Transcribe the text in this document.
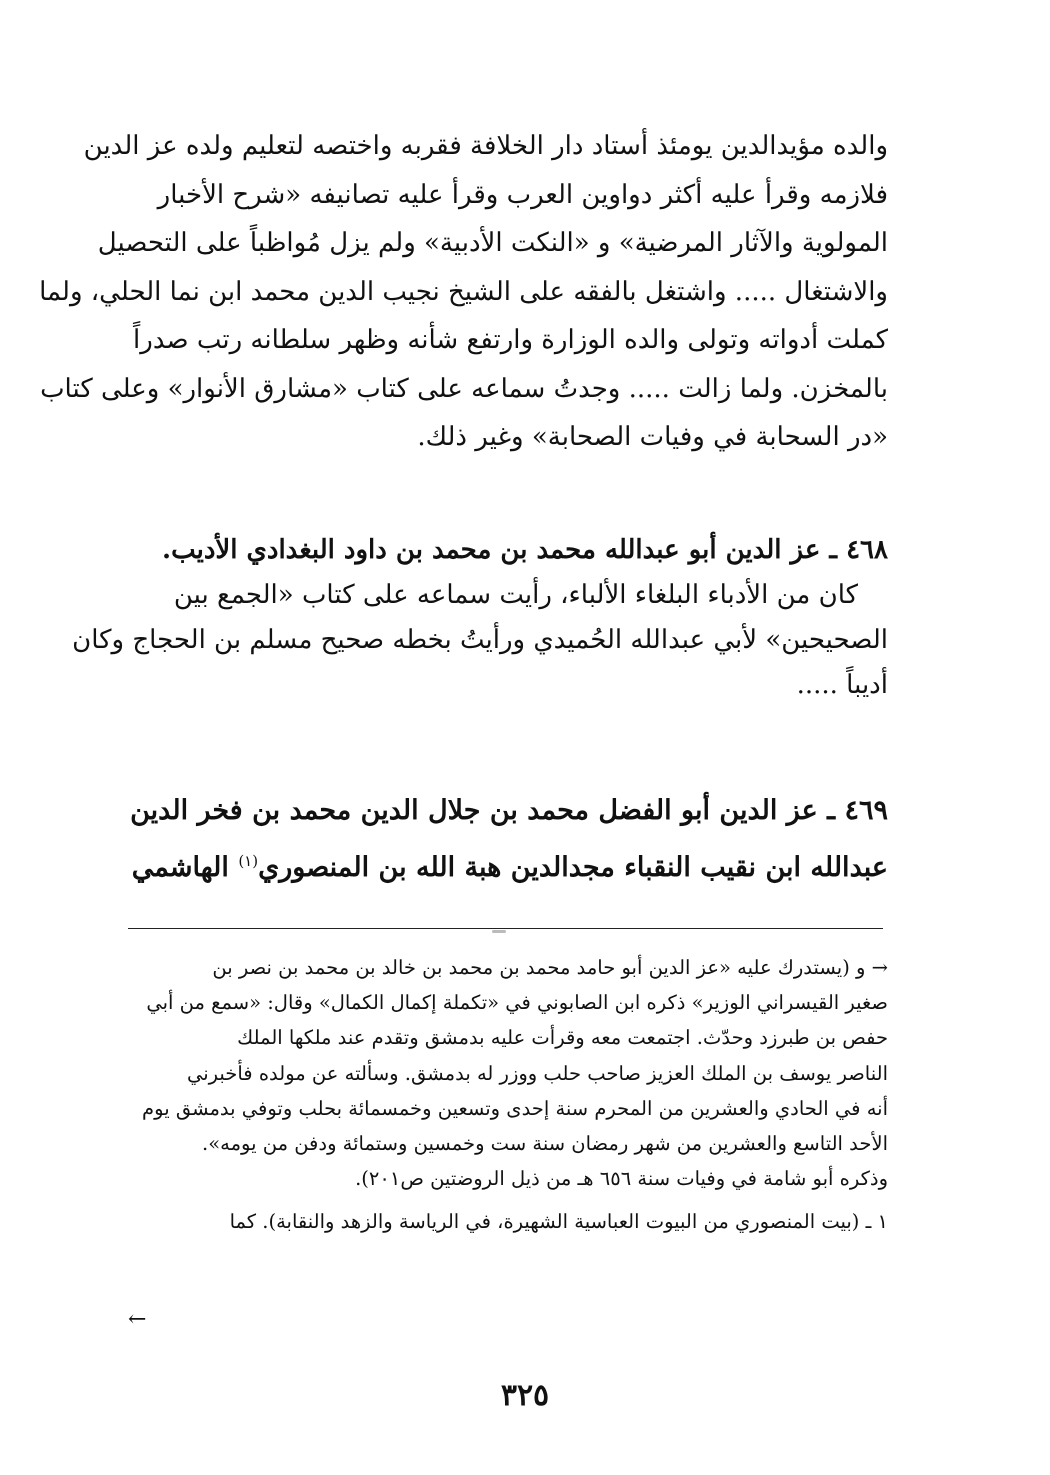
والده مؤيدالدين يومئذ أستاد دار الخلافة فقربه واختصه لتعليم ولده عز الدين
فلازمه وقرأ عليه أكثر دواوين العرب وقرأ عليه تصانيفه «شرح الأخبار
المولوية والآثار المرضية» و «النكت الأدبية» ولم يزل مُواظباً على التحصيل
والاشتغال ..... واشتغل بالفقه على الشيخ نجيب الدين محمد ابن نما الحلي، ولما
كملت أدواته وتولى والده الوزارة وارتفع شأنه وظهر سلطانه رتب صدراً
بالمخزن. ولما زالت ..... وجدتُ سماعه على كتاب «مشارق الأنوار» وعلى كتاب
«در السحابة في وفيات الصحابة» وغير ذلك.
٤٦٨ ـ عز الدين أبو عبدالله محمد بن محمد بن داود البغدادي الأديب.
كان من الأدباء البلغاء الألباء، رأيت سماعه على كتاب «الجمع بين
الصحيحين» لأبي عبدالله الحُميدي ورأيتُ بخطه صحيح مسلم بن الحجاج وكان
أديباً .....
٤٦٩ ـ عز الدين أبو الفضل محمد بن جلال الدين محمد بن فخر الدين
عبدالله ابن نقيب النقباء مجدالدين هبة الله بن المنصوري$^{(١)}$ الهاشمي
→ و (يستدرك عليه «عز الدين أبو حامد محمد بن محمد بن خالد بن محمد بن نصر بن
صغير القيسراني الوزير» ذكره ابن الصابوني في «تكملة إكمال الكمال» وقال: «سمع من أبي
حفص بن طبرزد وحدّث. اجتمعت معه وقرأت عليه بدمشق وتقدم عند ملكها الملك
الناصر يوسف بن الملك العزيز صاحب حلب ووزر له بدمشق. وسألته عن مولده فأخبرني
أنه في الحادي والعشرين من المحرم سنة إحدى وتسعين وخمسمائة بحلب وتوفي بدمشق يوم
الأحد التاسع والعشرين من شهر رمضان سنة ست وخمسين وستمائة ودفن من يومه».
وذكره أبو شامة في وفيات سنة ٦٥٦ هـ من ذيل الروضتين ص٢٠١).
١ ـ (بيت المنصوري من البيوت العباسية الشهيرة، في الرياسة والزهد والنقابة). كما
←
٣٢٥
